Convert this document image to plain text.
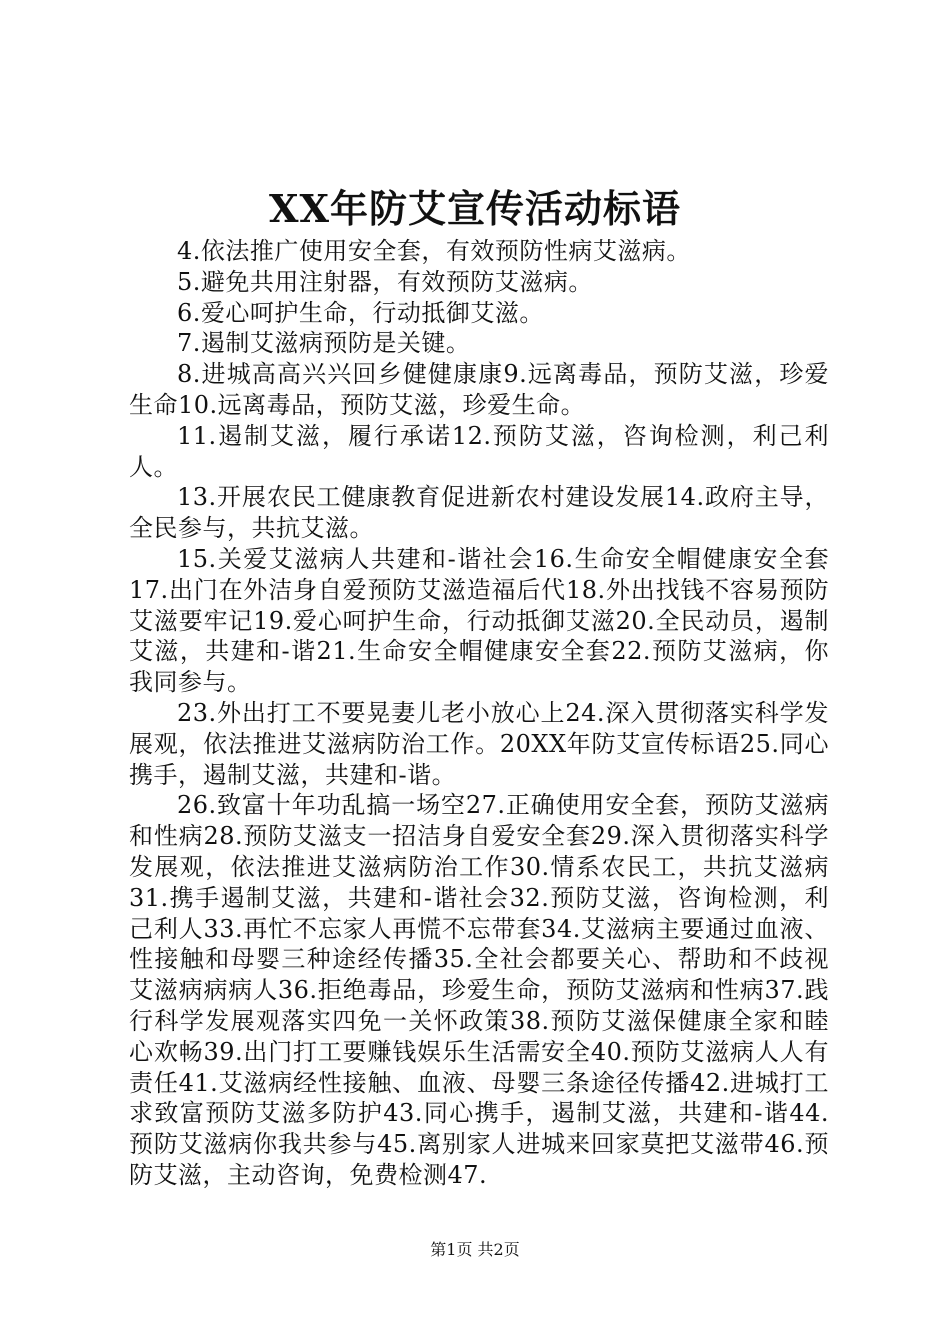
XX年防艾宣传活动标语

4.依法推广使用安全套，有效预防性病艾滋病。

5.避免共用注射器，有效预防艾滋病。

6.爱心呵护生命，行动抵御艾滋。

7.遏制艾滋病预防是关键。

8.进城高高兴兴回乡健健康康9.远离毒品，预防艾滋，珍爱生命10.远离毒品，预防艾滋，珍爱生命。

11.遏制艾滋，履行承诺12.预防艾滋，咨询检测，利己利人。

13.开展农民工健康教育促进新农村建设发展14.政府主导，全民参与，共抗艾滋。

15.关爱艾滋病人共建和-谐社会16.生命安全帽健康安全套17.出门在外洁身自爱预防艾滋造福后代18.外出找钱不容易预防艾滋要牢记19.爱心呵护生命，行动抵御艾滋20.全民动员，遏制艾滋，共建和-谐21.生命安全帽健康安全套22.预防艾滋病，你我同参与。

23.外出打工不要晃妻儿老小放心上24.深入贯彻落实科学发展观，依法推进艾滋病防治工作。20XX年防艾宣传标语25.同心携手，遏制艾滋，共建和-谐。

26.致富十年功乱搞一场空27.正确使用安全套，预防艾滋病和性病28.预防艾滋支一招洁身自爱安全套29.深入贯彻落实科学发展观，依法推进艾滋病防治工作30.情系农民工，共抗艾滋病31.携手遏制艾滋，共建和-谐社会32.预防艾滋，咨询检测，利己利人33.再忙不忘家人再慌不忘带套34.艾滋病主要通过血液、性接触和母婴三种途经传播35.全社会都要关心、帮助和不歧视艾滋病病病人36.拒绝毒品，珍爱生命，预防艾滋病和性病37.践行科学发展观落实四免一关怀政策38.预防艾滋保健康全家和睦心欢畅39.出门打工要赚钱娱乐生活需安全40.预防艾滋病人人有责任41.艾滋病经性接触、血液、母婴三条途径传播42.进城打工求致富预防艾滋多防护43.同心携手，遏制艾滋，共建和-谐44.预防艾滋病你我共参与45.离别家人进城来回家莫把艾滋带46.预防艾滋，主动咨询，免费检测47.

第1页 共2页
